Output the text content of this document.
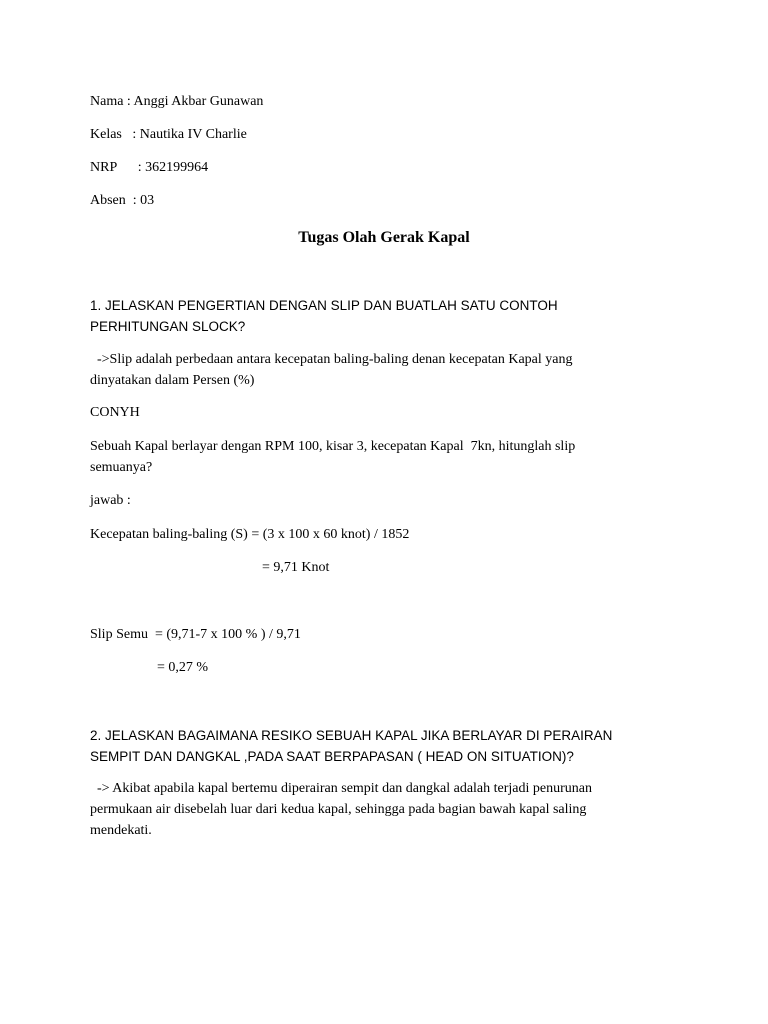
Nama : Anggi Akbar Gunawan
Kelas   : Nautika IV Charlie
NRP      : 362199964
Absen  : 03
Tugas Olah Gerak Kapal
1. JELASKAN PENGERTIAN DENGAN SLIP DAN BUATLAH SATU CONTOH
PERHITUNGAN SLOCK?
->Slip adalah perbedaan antara kecepatan baling-baling denan kecepatan Kapal yang
dinyatakan dalam Persen (%)
CONYH
Sebuah Kapal berlayar dengan RPM 100, kisar 3, kecepatan Kapal  7kn, hitunglah slip
semuanya?
jawab :
Kecepatan baling-baling (S) = (3 x 100 x 60 knot) / 1852
= 9,71 Knot
Slip Semu  = (9,71-7 x 100 % ) / 9,71
= 0,27 %
2. JELASKAN BAGAIMANA RESIKO SEBUAH KAPAL JIKA BERLAYAR DI PERAIRAN
SEMPIT DAN DANGKAL ,PADA SAAT BERPAPASAN ( HEAD ON SITUATION)?
-> Akibat apabila kapal bertemu diperairan sempit dan dangkal adalah terjadi penurunan
permukaan air disebelah luar dari kedua kapal, sehingga pada bagian bawah kapal saling
mendekati.
